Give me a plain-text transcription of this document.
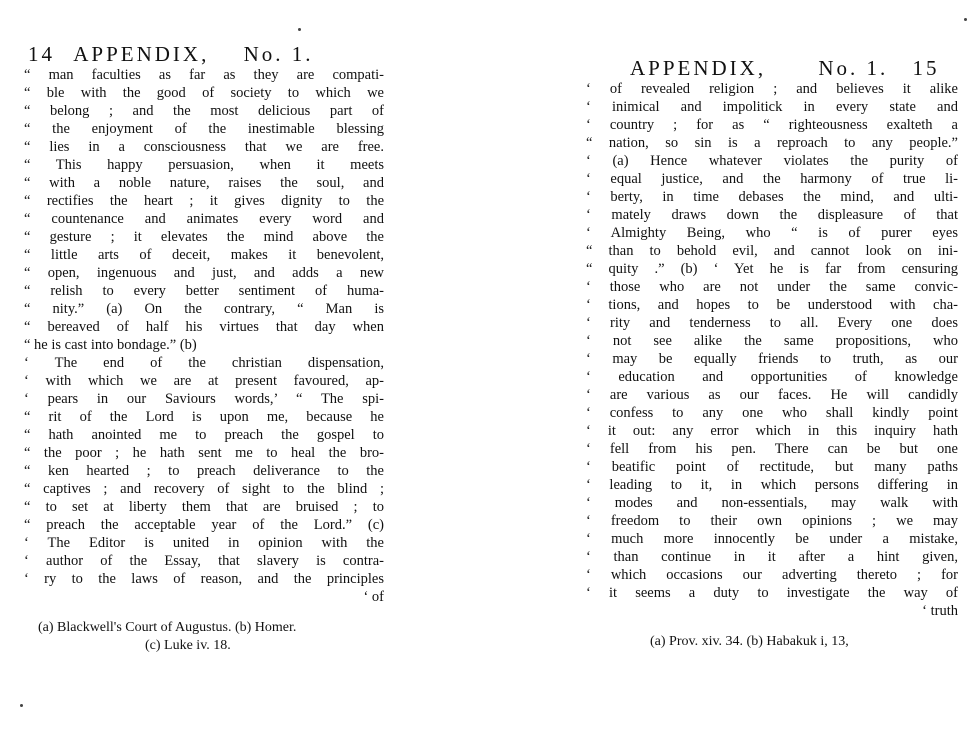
14 APPENDIX, No. 1.
“ man faculties as far as they are compati-
“ ble with the good of society to which we
“ belong ; and the most delicious part of
“ the enjoyment of the inestimable blessing
“ lies in a consciousness that we are free.
“ This happy persuasion, when it meets
“ with a noble nature, raises the soul, and
“ rectifies the heart ; it gives dignity to the
“ countenance and animates every word and
“ gesture ; it elevates the mind above the
“ little arts of deceit, makes it benevolent,
“ open, ingenuous and just, and adds a new
“ relish to every better sentiment of huma-
“ nity.” (a) On the contrary, “ Man is
“ bereaved of half his virtues that day when
“ he is cast into bondage.” (b)
‘ The end of the christian dispensation,
‘ with which we are at present favoured, ap-
‘ pears in our Saviours words,’ “ The spi-
“ rit of the Lord is upon me, because he
“ hath anointed me to preach the gospel to
“ the poor ; he hath sent me to heal the bro-
“ ken hearted ; to preach deliverance to the
“ captives ; and recovery of sight to the blind ;
“ to set at liberty them that are bruised ; to
“ preach the acceptable year of the Lord.” (c)
‘ The Editor is united in opinion with the
‘ author of the Essay, that slavery is contra-
‘ ry to the laws of reason, and the principles
‘ of
(a) Blackwell's Court of Augustus. (b) Homer.
(c) Luke iv. 18.
APPENDIX, No. 1. 15
‘ of revealed religion ; and believes it alike
‘ inimical and impolitick in every state and
‘ country ; for as “ righteousness exalteth a
“ nation, so sin is a reproach to any people.”
‘ (a) Hence whatever violates the purity of
‘ equal justice, and the harmony of true li-
‘ berty, in time debases the mind, and ulti-
‘ mately draws down the displeasure of that
‘ Almighty Being, who “ is of purer eyes
“ than to behold evil, and cannot look on ini-
“ quity .” (b) ‘ Yet he is far from censuring
‘ those who are not under the same convic-
‘ tions, and hopes to be understood with cha-
‘ rity and tenderness to all. Every one does
‘ not see alike the same propositions, who
‘ may be equally friends to truth, as our
‘ education and opportunities of knowledge
‘ are various as our faces. He will candidly
‘ confess to any one who shall kindly point
‘ it out: any error which in this inquiry hath
‘ fell from his pen. There can be but one
‘ beatific point of rectitude, but many paths
‘ leading to it, in which persons differing in
‘ modes and non-essentials, may walk with
‘ freedom to their own opinions ; we may
‘ much more innocently be under a mistake,
‘ than continue in it after a hint given,
‘ which occasions our adverting thereto ; for
‘ it seems a duty to investigate the way of
‘ truth
(a) Prov. xiv. 34. (b) Habakuk i, 13,
